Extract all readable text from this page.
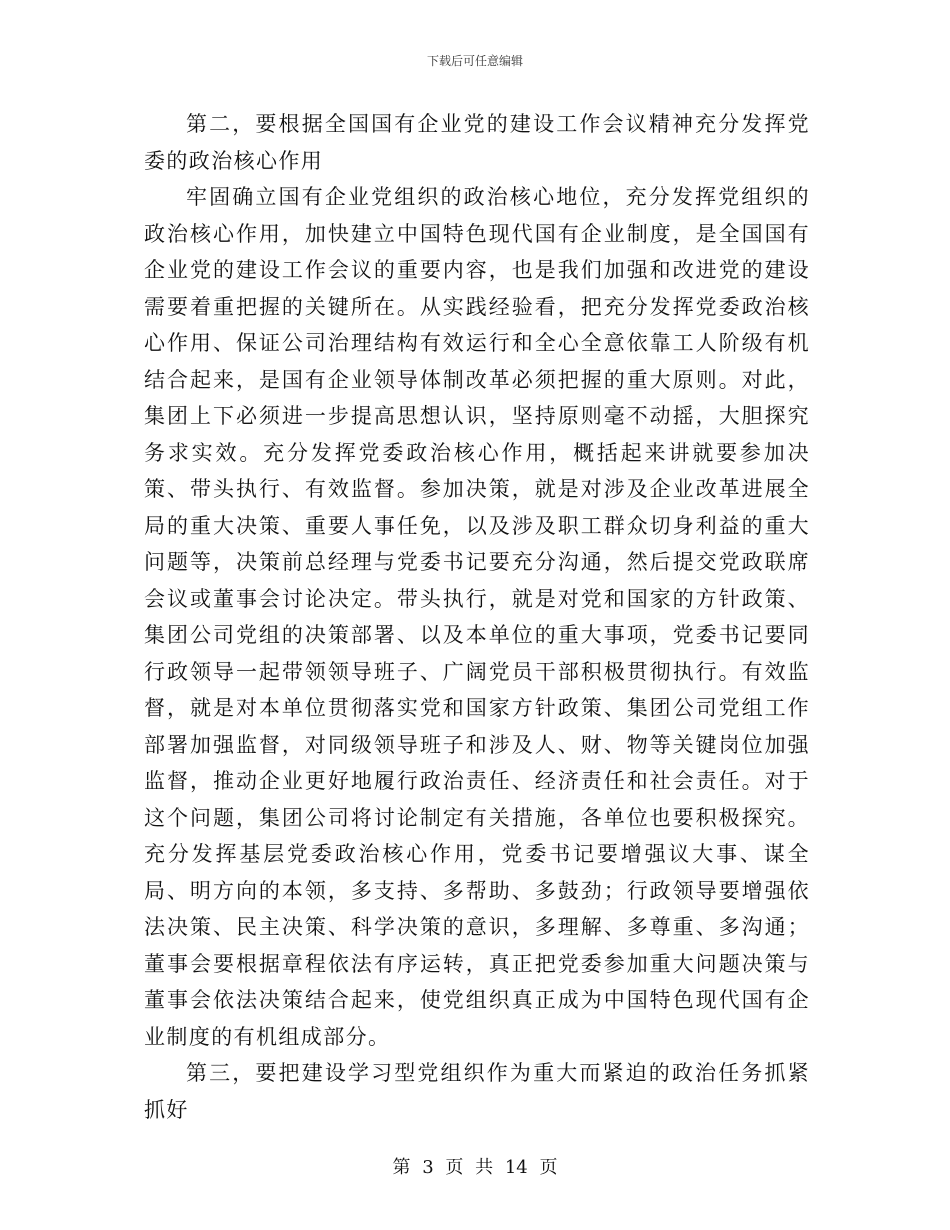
下载后可任意编辑

第二，要根据全国国有企业党的建设工作会议精神充分发挥党委的政治核心作用

牢固确立国有企业党组织的政治核心地位，充分发挥党组织的政治核心作用，加快建立中国特色现代国有企业制度，是全国国有企业党的建设工作会议的重要内容，也是我们加强和改进党的建设需要着重把握的关键所在。从实践经验看，把充分发挥党委政治核心作用、保证公司治理结构有效运行和全心全意依靠工人阶级有机结合起来，是国有企业领导体制改革必须把握的重大原则。对此，集团上下必须进一步提高思想认识，坚持原则毫不动摇，大胆探究务求实效。充分发挥党委政治核心作用，概括起来讲就要参加决策、带头执行、有效监督。参加决策，就是对涉及企业改革进展全局的重大决策、重要人事任免，以及涉及职工群众切身利益的重大问题等，决策前总经理与党委书记要充分沟通，然后提交党政联席会议或董事会讨论决定。带头执行，就是对党和国家的方针政策、集团公司党组的决策部署、以及本单位的重大事项，党委书记要同行政领导一起带领领导班子、广阔党员干部积极贯彻执行。有效监督，就是对本单位贯彻落实党和国家方针政策、集团公司党组工作部署加强监督，对同级领导班子和涉及人、财、物等关键岗位加强监督，推动企业更好地履行政治责任、经济责任和社会责任。对于这个问题，集团公司将讨论制定有关措施，各单位也要积极探究。充分发挥基层党委政治核心作用，党委书记要增强议大事、谋全局、明方向的本领，多支持、多帮助、多鼓劲；行政领导要增强依法决策、民主决策、科学决策的意识，多理解、多尊重、多沟通；董事会要根据章程依法有序运转，真正把党委参加重大问题决策与董事会依法决策结合起来，使党组织真正成为中国特色现代国有企业制度的有机组成部分。

第三，要把建设学习型党组织作为重大而紧迫的政治任务抓紧抓好

第 3 页 共 14 页
